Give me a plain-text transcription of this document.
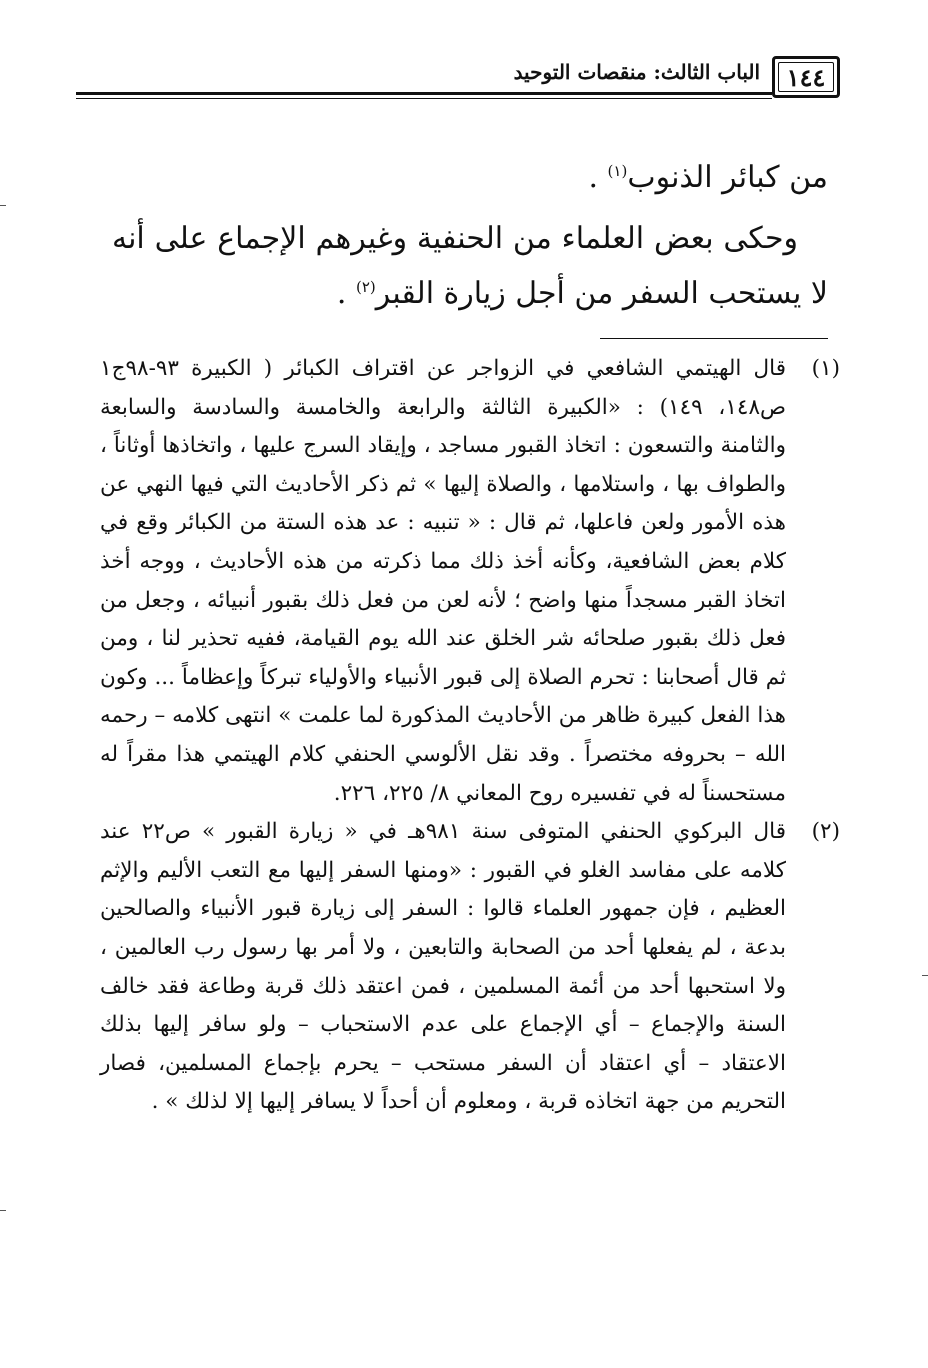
١٤٤
الباب الثالث: منقصات التوحيد

من كبائر الذنوب$^{(١)}$ .

وحكى بعض العلماء من الحنفية وغيرهم الإجماع على أنه لا يستحب السفر من أجل زيارة القبر$^{(٢)}$ .

(١)
قال الهيتمي الشافعي في الزواجر عن اقتراف الكبائر ( الكبيرة ٩٣-٩٨ج١ ص١٤٨، ١٤٩) : «الكبيرة الثالثة والرابعة والخامسة والسادسة والسابعة والثامنة والتسعون : اتخاذ القبور مساجد ، وإيقاد السرج عليها ، واتخاذها أوثاناً ، والطواف بها ، واستلامها ، والصلاة إليها » ثم ذكر الأحاديث التي فيها النهي عن هذه الأمور ولعن فاعلها، ثم قال : « تنبيه : عد هذه الستة من الكبائر وقع في كلام بعض الشافعية، وكأنه أخذ ذلك مما ذكرته من هذه الأحاديث ، ووجه أخذ اتخاذ القبر مسجداً منها واضح ؛ لأنه لعن من فعل ذلك بقبور أنبيائه ، وجعل من فعل ذلك بقبور صلحائه شر الخلق عند الله يوم القيامة، ففيه تحذير لنا ، ومن ثم قال أصحابنا : تحرم الصلاة إلى قبور الأنبياء والأولياء تبركاً وإعظاماً ... وكون هذا الفعل كبيرة ظاهر من الأحاديث المذكورة لما علمت » انتهى كلامه – رحمه الله – بحروفه مختصراً . وقد نقل الألوسي الحنفي كلام الهيتمي هذا مقراً له مستحسناً له في تفسيره روح المعاني ٨/ ٢٢٥، ٢٢٦.
(٢)
قال البركوي الحنفي المتوفى سنة ٩٨١هـ في « زيارة القبور » ص٢٢ عند كلامه على مفاسد الغلو في القبور : «ومنها السفر إليها مع التعب الأليم والإثم العظيم ، فإن جمهور العلماء قالوا : السفر إلى زيارة قبور الأنبياء والصالحين بدعة ، لم يفعلها أحد من الصحابة والتابعين ، ولا أمر بها رسول رب العالمين ، ولا استحبها أحد من أئمة المسلمين ، فمن اعتقد ذلك قربة وطاعة فقد خالف السنة والإجماع – أي الإجماع على عدم الاستحباب – ولو سافر إليها بذلك الاعتقاد – أي اعتقاد أن السفر مستحب – يحرم بإجماع المسلمين، فصار التحريم من جهة اتخاذه قربة ، ومعلوم أن أحداً لا يسافر إليها إلا لذلك » .
